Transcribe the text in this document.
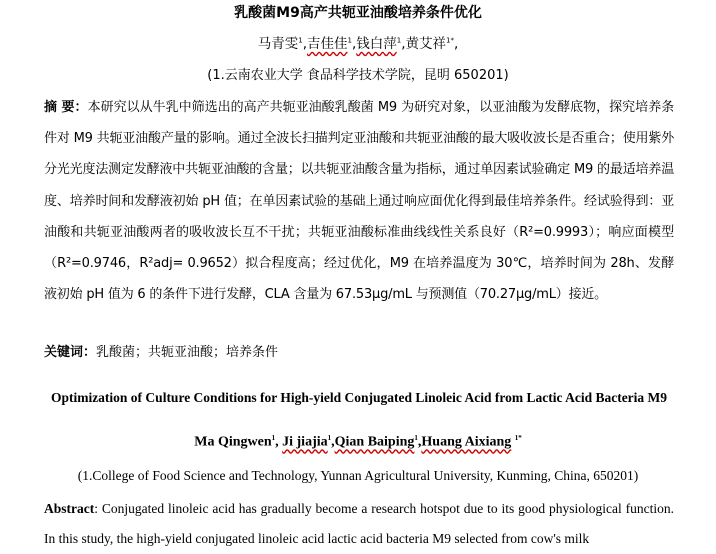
乳酸菌M9高产共轭亚油酸培养条件优化
马青雯$^1$,吉佳佳$^1$,钱白萍$^1$,黄艾祥$^{1*}$,
(1.云南农业大学 食品科学技术学院，昆明 650201)
摘 要：本研究以从牛乳中筛选出的高产共轭亚油酸乳酸菌 M9 为研究对象，以亚油酸为发酵底物，探究培养条件对 M9 共轭亚油酸产量的影响。通过全波长扫描判定亚油酸和共轭亚油酸的最大吸收波长是否重合；使用紫外分光光度法测定发酵液中共轭亚油酸的含量；以共轭亚油酸含量为指标，通过单因素试验确定 M9 的最适培养温度、培养时间和发酵液初始 pH 值；在单因素试验的基础上通过响应面优化得到最佳培养条件。经试验得到：亚油酸和共轭亚油酸两者的吸收波长互不干扰；共轭亚油酸标准曲线线性关系良好（R²=0.9993）；响应面模型（R²=0.9746，R²adj= 0.9652）拟合程度高；经过优化，M9 在培养温度为 30℃，培养时间为 28h、发酵液初始 pH 值为 6 的条件下进行发酵，CLA 含量为 67.53μg/mL 与预测值（70.27μg/mL）接近。
关键词：乳酸菌；共轭亚油酸；培养条件
Optimization of Culture Conditions for High-yield Conjugated Linoleic Acid from Lactic Acid Bacteria M9
Ma Qingwen$^1$, Ji jiajia$^1$,Qian Baiping$^1$,Huang Aixiang $^{1*}$
(1.College of Food Science and Technology, Yunnan Agricultural University, Kunming, China, 650201)
Abstract: Conjugated linoleic acid has gradually become a research hotspot due to its good physiological function. In this study, the high-yield conjugated linoleic acid lactic acid bacteria M9 selected from cow's milk
